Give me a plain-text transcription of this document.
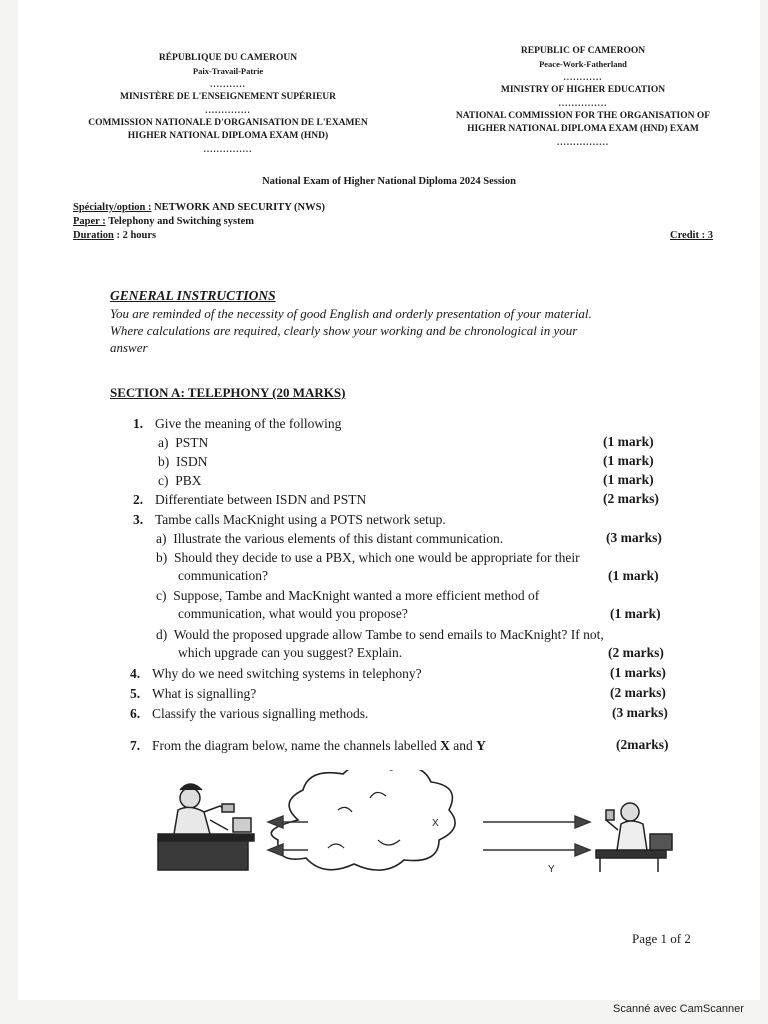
RÉPUBLIQUE DU CAMEROUN
Paix-Travail-Patrie
...........
MINISTÈRE DE L'ENSEIGNEMENT SUPÉRIEUR
..............
COMMISSION NATIONALE D'ORGANISATION DE L'EXAMEN
HIGHER NATIONAL DIPLOMA EXAM (HND)
...............
REPUBLIC OF CAMEROON
Peace-Work-Fatherland
............
MINISTRY OF HIGHER EDUCATION
...............
NATIONAL COMMISSION FOR THE ORGANISATION OF
HIGHER NATIONAL DIPLOMA EXAM (HND) EXAM
................
National Exam of Higher National Diploma 2024 Session
Spécialty/option : NETWORK AND SECURITY (NWS)
Paper : Telephony and Switching system
Duration : 2 hours	Credit : 3
GENERAL INSTRUCTIONS
You are reminded of the necessity of good English and orderly presentation of your material.
Where calculations are required, clearly show your working and be chronological in your
answer
SECTION A: TELEPHONY (20 MARKS)
1. Give the meaning of the following
a) PSTN	(1 mark)
b) ISDN	(1 mark)
c) PBX	(1 mark)
2. Differentiate between ISDN and PSTN	(2 marks)
3. Tambe calls MacKnight using a POTS network setup.
a) Illustrate the various elements of this distant communication.	(3 marks)
b) Should they decide to use a PBX, which one would be appropriate for their
communication?	(1 mark)
c) Suppose, Tambe and MacKnight wanted a more efficient method of
communication, what would you propose?	(1 mark)
d) Would the proposed upgrade allow Tambe to send emails to MacKnight? If not,
which upgrade can you suggest? Explain.	(2 marks)
4. Why do we need switching systems in telephony?	(1 marks)
5. What is signalling?	(2 marks)
6. Classify the various signalling methods.	(3 marks)
7. From the diagram below, name the channels labelled X and Y	(2marks)
X
Y
Page 1 of 2
Scanné avec CamScanner
